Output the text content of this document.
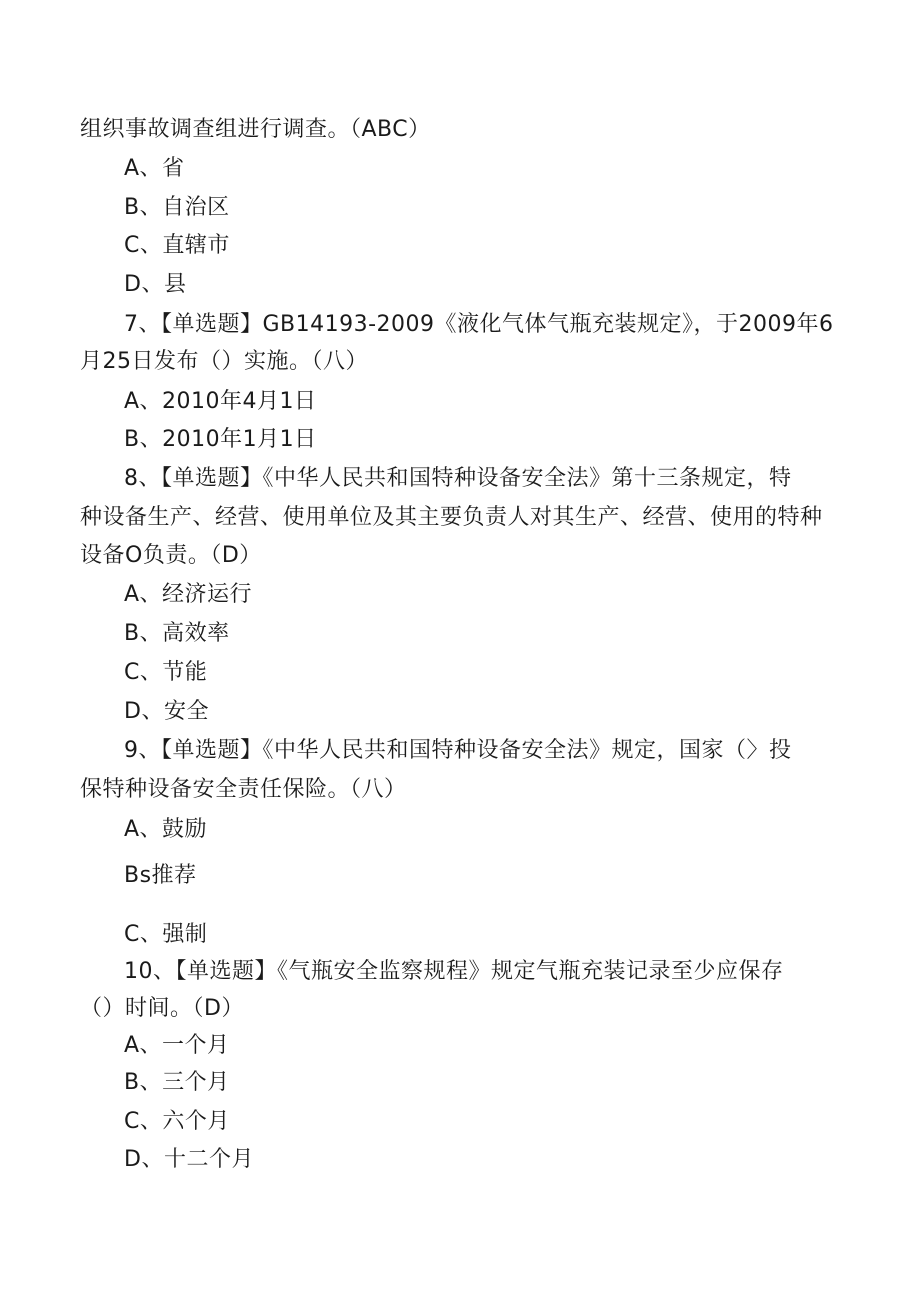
组织事故调查组进行调查。（ABC）
A、省
B、自治区
C、直辖市
D、县
7、【单选题】GB14193-2009《液化气体气瓶充装规定》，于2009年6
月25日发布（）实施。（八）
A、2010年4月1日
B、2010年1月1日
8、【单选题】《中华人民共和国特种设备安全法》第十三条规定，特
种设备生产、经营、使用单位及其主要负责人对其生产、经营、使用的特种
设备O负责。（D）
A、经济运行
B、高效率
C、节能
D、安全
9、【单选题】《中华人民共和国特种设备安全法》规定，国家（〉投
保特种设备安全责任保险。（八）
A、鼓励
Bs推荐
C、强制
10、【单选题】《气瓶安全监察规程》规定气瓶充装记录至少应保存
（）时间。（D）
A、一个月
B、三个月
C、六个月
D、十二个月
